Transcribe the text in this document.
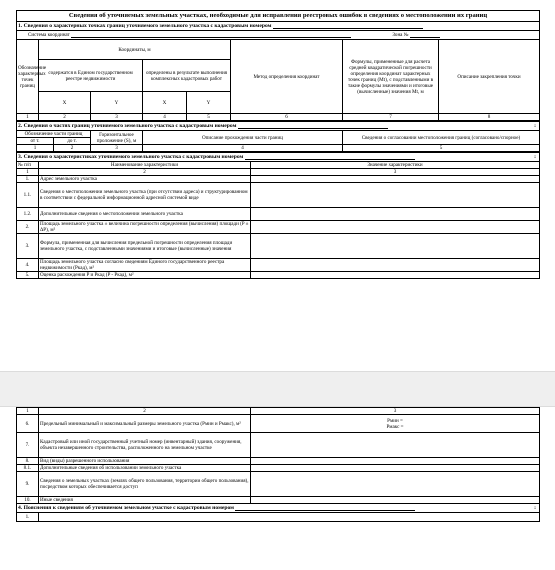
Сведения об уточняемых земельных участках, необходимые для исправления реестровых ошибок в сведениях о местоположении их границ							
1. Сведения о характерных точках границ уточняемого земельного участка с кадастровым номером							
Система координат Зона №							
Обозначение характерных точек границ	Координаты, м				Метод определения координат	Формулы, примененные для расчета средней квадратической погрешности определения координат характерных точек границ (Mt), с подставленными в такие формулы значениями и итоговые (вычисленные) значения Mt, м	Описание закрепления точки
	содержатся в Едином государственном реестре недвижимости		определены в результате выполнения комплексных кадастровых работ				
	X	Y	X	Y			
1	2	3	4	5	6	7	8
2. Сведения о частях границ уточняемого земельного участка с кадастровым номером :				

Обозначение части границ		Горизонтальное проложение (S), м	Описание прохождения части границ	Сведения о согласовании местоположения границ (согласовано/спорное)
от т.	до т.			
1	2	3	4	5
3. Сведения о характеристиках уточняемого земельного участка с кадастровым номером :		

№ п/п	Наименование характеристики	Значение характеристики
1	2	3
1.	Адрес земельного участка	
1.1.	Сведения о местоположении земельного участка (при отсутствии адреса) и структурированном в соответствии с федеральной информационной адресной системой виде	
1.2.	Дополнительные сведения о местоположении земельного участка	
2.	Площадь земельного участка ± величина погрешности определения (вычисления) площади (P ± ΔP), м²	
3.	Формула, примененная для вычисления предельной погрешности определения площади земельного участка, с подставленными значениями и итоговые (вычисленные) значения	
4.	Площадь земельного участка согласно сведениям Единого государственного реестра недвижимости (Pкад), м²	
5.	Оценка расхождения P и Pкад (P - Pкад), м²	
1	2	3
6.	Предельный минимальный и максимальный размеры земельного участка (Pмин и Pмакс), м²	Pмин =
Pмакс =
7.	Кадастровый или иной государственный учетный номер (инвентарный) здания, сооружения, объекта незавершенного строительства, расположенного на земельном участке	
8.	Вид (виды) разрешенного использования	
8.1.	Дополнительные сведения об использовании земельного участка	
9.	Сведения о земельных участках (землях общего пользования, территории общего пользования), посредством которых обеспечивается доступ	
10.	Иные сведения	
4. Пояснения к сведениям об уточняемом земельном участке с кадастровым номером :		

1.		
